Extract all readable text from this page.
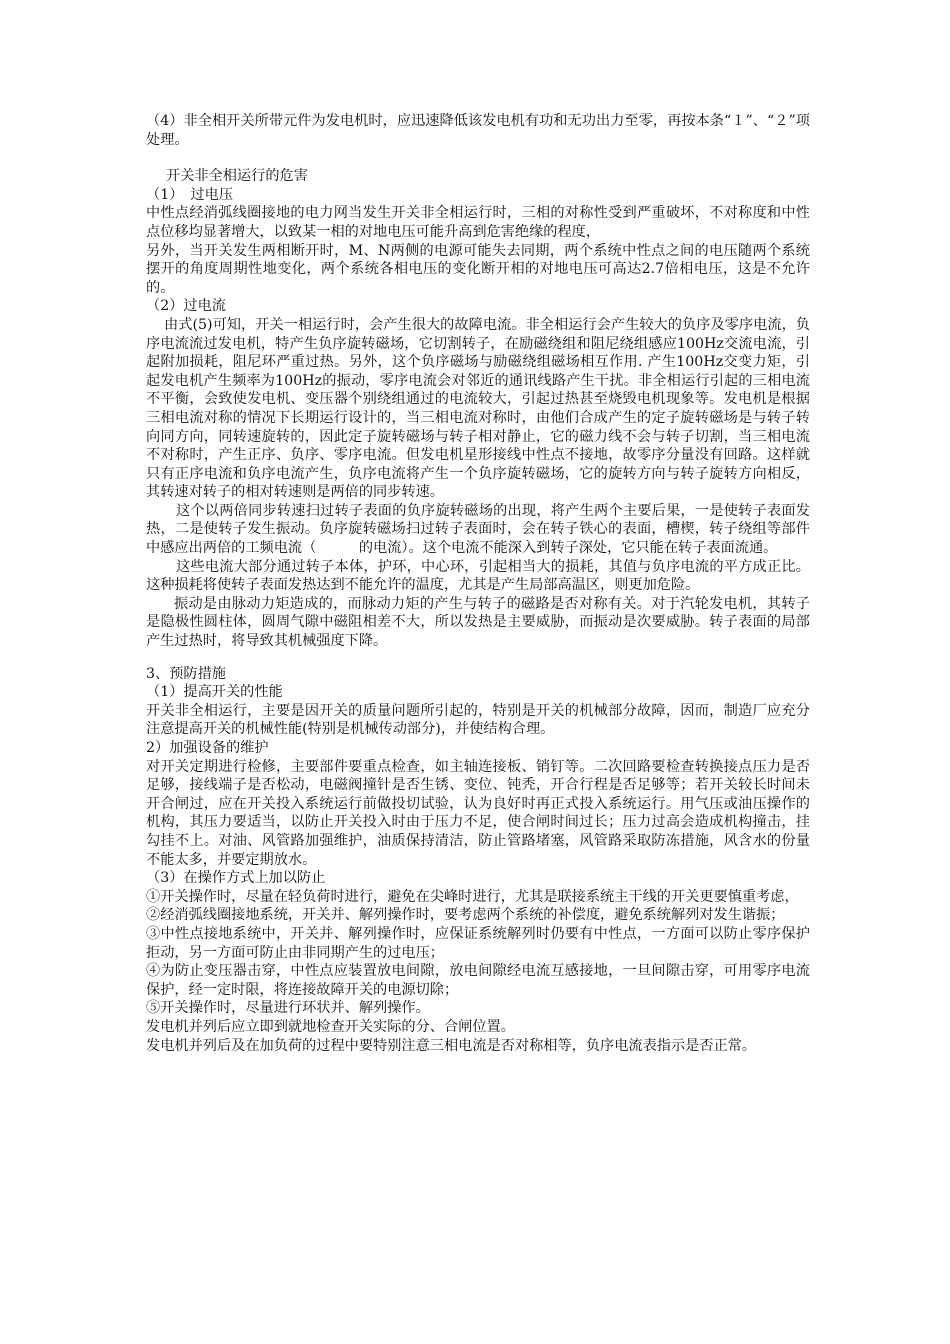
（4）非全相开关所带元件为发电机时，应迅速降低该发电机有功和无功出力至零，再按本条“１”、“２”项处理。

开关非全相运行的危害

（1）　过电压

中性点经消弧线圈接地的电力网当发生开关非全相运行时，三相的对称性受到严重破坏，不对称度和中性点位移均显著增大，以致某一相的对地电压可能升高到危害绝缘的程度，

另外，当开关发生两相断开时，M、N两侧的电源可能失去同期，两个系统中性点之间的电压随两个系统摆开的角度周期性地变化，两个系统各相电压的变化断开相的对地电压可高达2.7倍相电压，这是不允许的。

（2）过电流

由式(5)可知，开关一相运行时，会产生很大的故障电流。非全相运行会产生较大的负序及零序电流，负序电流流过发电机，特产生负序旋转磁场，它切割转子，在励磁绕组和阻尼绕组感应100Hz交流电流，引起附加损耗，阻尼环严重过热。另外，这个负序磁场与励磁绕组磁场相互作用. 产生100Hz交变力矩，引起发电机产生频率为100Hz的振动，零序电流会对邻近的通讯线路产生干扰。非全相运行引起的三相电流不平衡，会致使发电机、变压器个别绕组通过的电流较大，引起过热甚至烧毁电机现象等。发电机是根据三相电流对称的情况下长期运行设计的，当三相电流对称时，由他们合成产生的定子旋转磁场是与转子转向同方向，同转速旋转的，因此定子旋转磁场与转子相对静止，它的磁力线不会与转子切割，当三相电流不对称时，产生正序、负序、零序电流。但发电机星形接线中性点不接地，故零序分量没有回路。这样就只有正序电流和负序电流产生，负序电流将产生一个负序旋转磁场，它的旋转方向与转子旋转方向相反，其转速对转子的相对转速则是两倍的同步转速。

这个以两倍同步转速扫过转子表面的负序旋转磁场的出现，将产生两个主要后果，一是使转子表面发热，二是使转子发生振动。负序旋转磁场扫过转子表面时，会在转子铁心的表面，槽楔，转子绕组等部件中感应出两倍的工频电流（　　　的电流）。这个电流不能深入到转子深处，它只能在转子表面流通。

这些电流大部分通过转子本体，护环，中心环，引起相当大的损耗，其值与负序电流的平方成正比。这种损耗将使转子表面发热达到不能允许的温度，尤其是产生局部高温区，则更加危险。

振动是由脉动力矩造成的，而脉动力矩的产生与转子的磁路是否对称有关。对于汽轮发电机，其转子是隐极性圆柱体，圆周气隙中磁阻相差不大，所以发热是主要威胁，而振动是次要威胁。转子表面的局部产生过热时，将导致其机械强度下降。

3、预防措施

（1）提高开关的性能

开关非全相运行，主要是因开关的质量问题所引起的，特别是开关的机械部分故障，因而，制造厂应充分注意提高开关的机械性能(特别是机械传动部分)，并使结构合理。

2）加强设备的维护

对开关定期进行检修，主要部件要重点检查，如主轴连接板、销钉等。二次回路要检查转换接点压力是否足够，接线端子是否松动，电磁阀撞针是否生锈、变位、钝秃，开合行程是否足够等；若开关较长时间未开合闸过，应在开关投入系统运行前做投切试验，认为良好时再正式投入系统运行。用气压或油压操作的机构，其压力要适当，以防止开关投入时由于压力不足，使合闸时间过长；压力过高会造成机构撞击，挂勾挂不上。对油、风管路加强维护，油质保持清洁，防止管路堵塞，风管路采取防冻措施，风含水的份量不能太多，并要定期放水。

（3）在操作方式上加以防止

①开关操作时，尽量在轻负荷时进行，避免在尖峰时进行，尤其是联接系统主干线的开关更要慎重考虑，

②经消弧线圈接地系统，开关并、解列操作时，要考虑两个系统的补偿度，避免系统解列对发生谐振；

③中性点接地系统中，开关并、解列操作时，应保证系统解列时仍要有中性点，一方面可以防止零序保护拒动，另一方面可防止由非同期产生的过电压；

④为防止变压器击穿，中性点应装置放电间隙，放电间隙经电流互感接地，一旦间隙击穿，可用零序电流保护，经一定时限，将连接故障开关的电源切除；

⑤开关操作时，尽量进行环状并、解列操作。

发电机并列后应立即到就地检查开关实际的分、合闸位置。

发电机并列后及在加负荷的过程中要特别注意三相电流是否对称相等，负序电流表指示是否正常。
